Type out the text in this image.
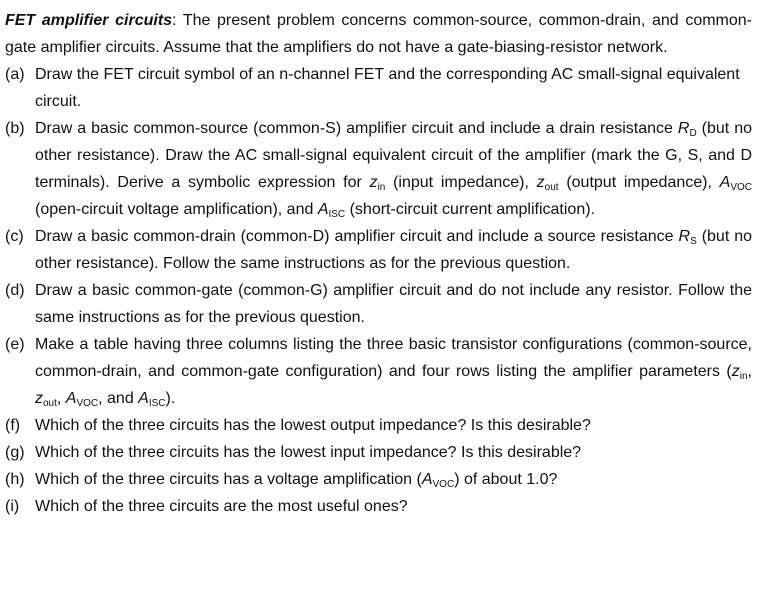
FET amplifier circuits: The present problem concerns common-source, common-drain, and common-gate amplifier circuits. Assume that the amplifiers do not have a gate-biasing-resistor network.

(a) Draw the FET circuit symbol of an n-channel FET and the corresponding AC small-signal equivalent circuit.
(b) Draw a basic common-source (common-S) amplifier circuit and include a drain resistance $R_D$ (but no other resistance). Draw the AC small-signal equivalent circuit of the amplifier (mark the G, S, and D terminals). Derive a symbolic expression for $z_{in}$ (input impedance), $z_{out}$ (output impedance), $A_{VOC}$ (open-circuit voltage amplification), and $A_{ISC}$ (short-circuit current amplification).
(c) Draw a basic common-drain (common-D) amplifier circuit and include a source resistance $R_S$ (but no other resistance). Follow the same instructions as for the previous question.
(d) Draw a basic common-gate (common-G) amplifier circuit and do not include any resistor. Follow the same instructions as for the previous question.
(e) Make a table having three columns listing the three basic transistor configurations (common-source, common-drain, and common-gate configuration) and four rows listing the amplifier parameters ($z_{in}$, $z_{out}$, $A_{VOC}$, and $A_{ISC}$).
(f) Which of the three circuits has the lowest output impedance? Is this desirable?
(g) Which of the three circuits has the lowest input impedance? Is this desirable?
(h) Which of the three circuits has a voltage amplification $(A_{VOC})$ of about 1.0?
(i) Which of the three circuits are the most useful ones?
